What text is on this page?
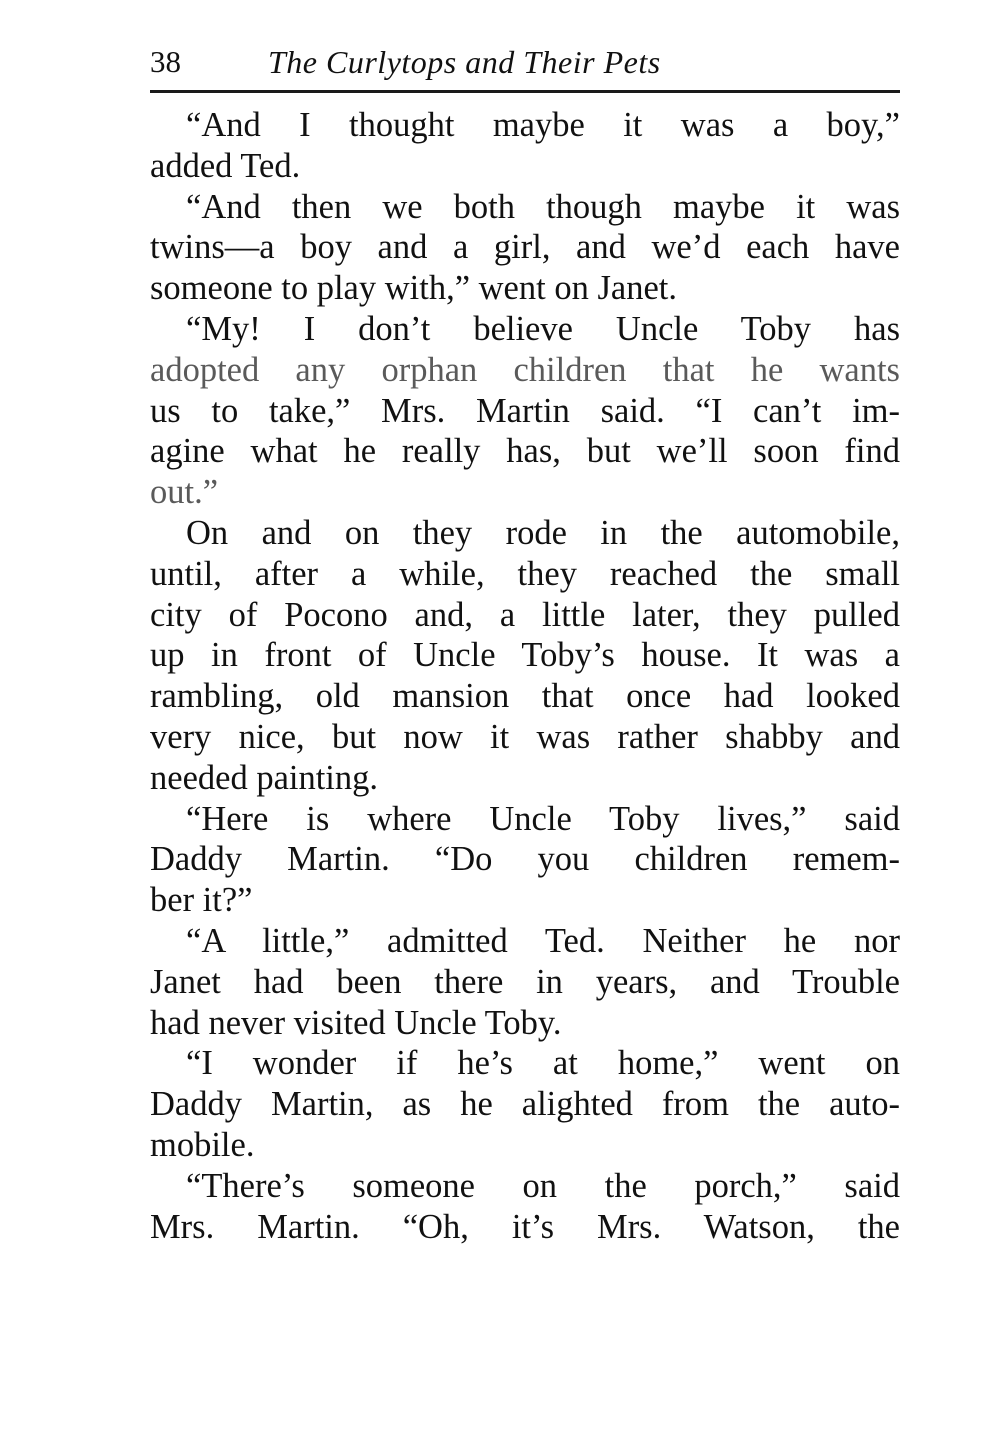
38	The Curlytops and Their Pets

“And I thought maybe it was a boy,”
added Ted.

“And then we both though maybe it was
twins—a boy and a girl, and we’d each have
someone to play with,” went on Janet.

“My! I don’t believe Uncle Toby has
adopted any orphan children that he wants
us to take,” Mrs. Martin said. “I can’t im-
agine what he really has, but we’ll soon find
out.”

On and on they rode in the automobile,
until, after a while, they reached the small
city of Pocono and, a little later, they pulled
up in front of Uncle Toby’s house. It was a
rambling, old mansion that once had looked
very nice, but now it was rather shabby and
needed painting.

“Here is where Uncle Toby lives,” said
Daddy Martin. “Do you children remem-
ber it?”

“A little,” admitted Ted. Neither he nor
Janet had been there in years, and Trouble
had never visited Uncle Toby.

“I wonder if he’s at home,” went on
Daddy Martin, as he alighted from the auto-
mobile.

“There’s someone on the porch,” said
Mrs. Martin. “Oh, it’s Mrs. Watson, the
